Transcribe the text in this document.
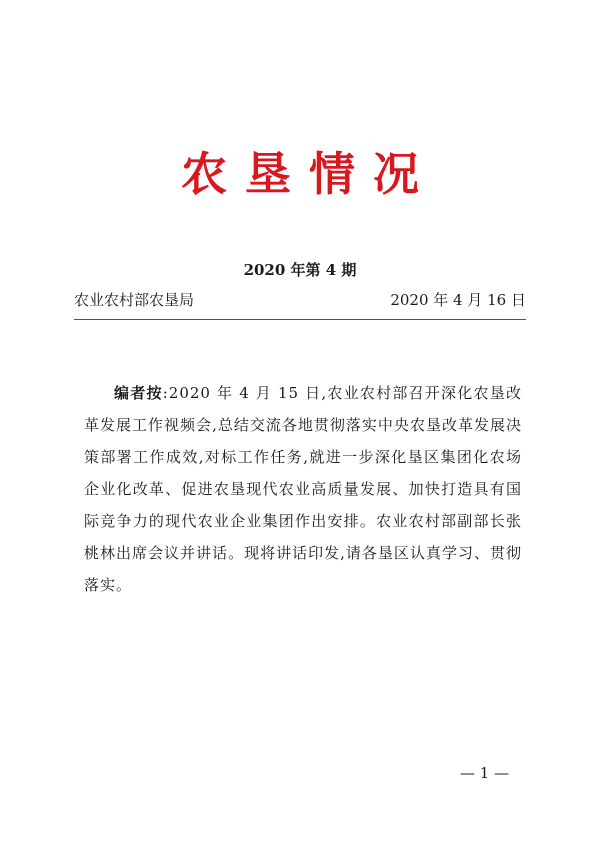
农垦情况
2020 年第 4 期
农业农村部农垦局	2020 年 4 月 16 日
编者按:2020 年 4 月 15 日,农业农村部召开深化农垦改革发展工作视频会,总结交流各地贯彻落实中央农垦改革发展决策部署工作成效,对标工作任务,就进一步深化垦区集团化农场企业化改革、促进农垦现代农业高质量发展、加快打造具有国际竞争力的现代农业企业集团作出安排。农业农村部副部长张桃林出席会议并讲话。现将讲话印发,请各垦区认真学习、贯彻落实。
— 1 —
